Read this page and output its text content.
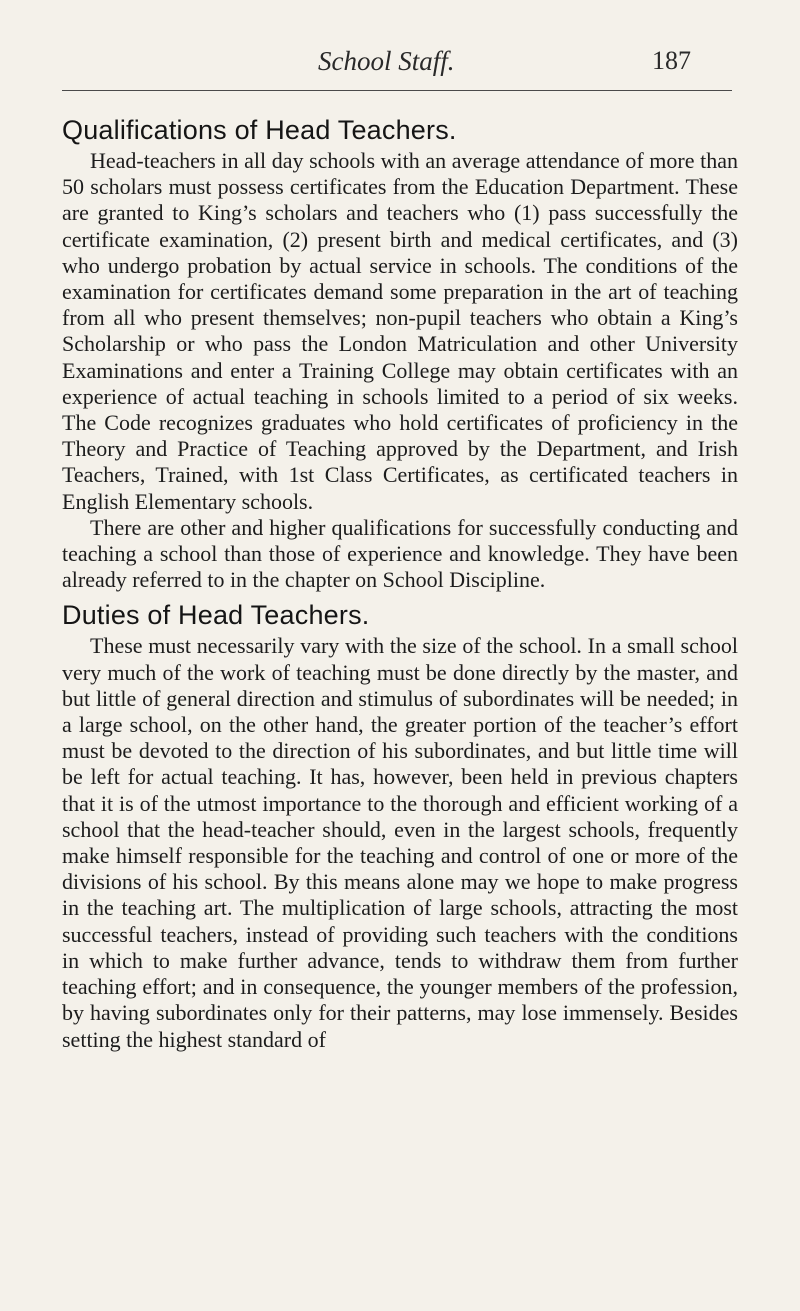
School Staff.	187
Qualifications of Head Teachers.

Head-teachers in all day schools with an average attendance of more than 50 scholars must possess certificates from the Education Department. These are granted to King’s scholars and teachers who (1) pass successfully the certificate examination, (2) present birth and medical certificates, and (3) who undergo probation by actual service in schools. The conditions of the examination for certificates demand some preparation in the art of teaching from all who present themselves; non-pupil teachers who obtain a King’s Scholarship or who pass the London Matriculation and other University Examinations and enter a Training College may obtain certificates with an experience of actual teaching in schools limited to a period of six weeks. The Code recognizes graduates who hold certificates of proficiency in the Theory and Practice of Teaching approved by the Department, and Irish Teachers, Trained, with 1st Class Certificates, as certificated teachers in English Elementary schools.

There are other and higher qualifications for successfully conducting and teaching a school than those of experience and knowledge. They have been already referred to in the chapter on School Discipline.

Duties of Head Teachers.

These must necessarily vary with the size of the school. In a small school very much of the work of teaching must be done directly by the master, and but little of general direction and stimulus of subordinates will be needed; in a large school, on the other hand, the greater portion of the teacher’s effort must be devoted to the direction of his subordinates, and but little time will be left for actual teaching. It has, however, been held in previous chapters that it is of the utmost importance to the thorough and efficient working of a school that the head-teacher should, even in the largest schools, frequently make himself responsible for the teaching and control of one or more of the divisions of his school. By this means alone may we hope to make progress in the teaching art. The multiplication of large schools, attracting the most successful teachers, instead of providing such teachers with the conditions in which to make further advance, tends to withdraw them from further teaching effort; and in consequence, the younger members of the profession, by having subordinates only for their patterns, may lose immensely. Besides setting the highest standard of
